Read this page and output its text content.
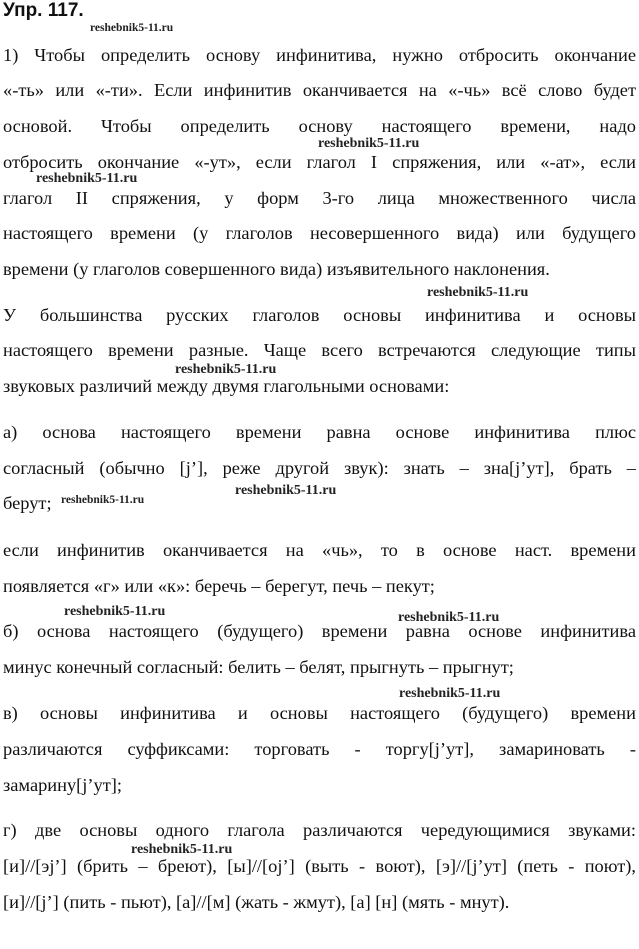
Упр. 117.
1) Чтобы определить основу инфинитива, нужно отбросить окончание
«-ть» или «-ти». Если инфинитив оканчивается на «-чь» всё слово будет
основой. Чтобы определить основу настоящего времени, надо
отбросить окончание «-ут», если глагол I спряжения, или «-ат», если
глагол II спряжения, у форм 3-го лица множественного числа
настоящего времени (у глаголов несовершенного вида) или будущего
времени (у глаголов совершенного вида) изъявительного наклонения.
У большинства русских глаголов основы инфинитива и основы
настоящего времени разные. Чаще всего встречаются следующие типы
звуковых различий между двумя глагольными основами:
а) основа настоящего времени равна основе инфинитива плюс
согласный (обычно [j’], реже другой звук): знать – зна[j’ут], брать –
берут;
если инфинитив оканчивается на «чь», то в основе наст. времени
появляется «г» или «к»: беречь – берегут, печь – пекут;
б) основа настоящего (будущего) времени равна основе инфинитива
минус конечный согласный: белить – белят, прыгнуть – прыгнут;
в) основы инфинитива и основы настоящего (будущего) времени
различаются суффиксами: торговать - торгу[j’ут], замариновать -
замарину[j’ут];
г) две основы одного глагола различаются чередующимися звуками:
[и]//[эj’] (брить – бреют), [ы]//[оj’] (выть - воют), [э]//[j’ут] (петь - поют),
[и]//[j’] (пить - пьют), [а]//[м] (жать - жмут), [а] [н] (мять - мнут).
reshebnik5-11.ru
reshebnik5-11.ru
reshebnik5-11.ru
reshebnik5-11.ru
reshebnik5-11.ru
reshebnik5-11.ru
reshebnik5-11.ru
reshebnik5-11.ru	reshebnik5-11.ru
reshebnik5-11.ru
reshebnik5-11.ru
